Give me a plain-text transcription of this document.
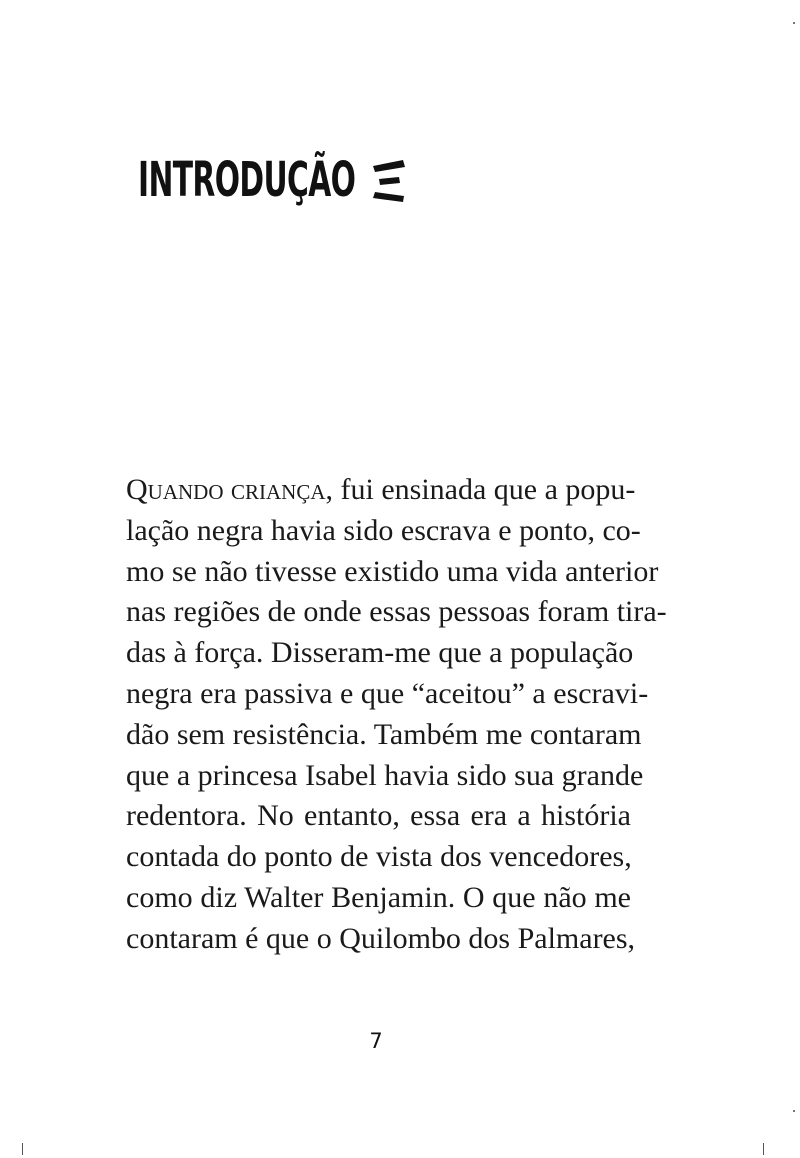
INTRODUÇÃO
Quando criança, fui ensinada que a popu-
lação negra havia sido escrava e ponto, co-
mo se não tivesse existido uma vida anterior
nas regiões de onde essas pessoas foram tira-
das à força. Disseram-me que a população
negra era passiva e que “aceitou” a escravi-
dão sem resistência. Também me contaram
que a princesa Isabel havia sido sua grande
redentora. No entanto, essa era a história
contada do ponto de vista dos vencedores,
como diz Walter Benjamin. O que não me
contaram é que o Quilombo dos Palmares,
7
